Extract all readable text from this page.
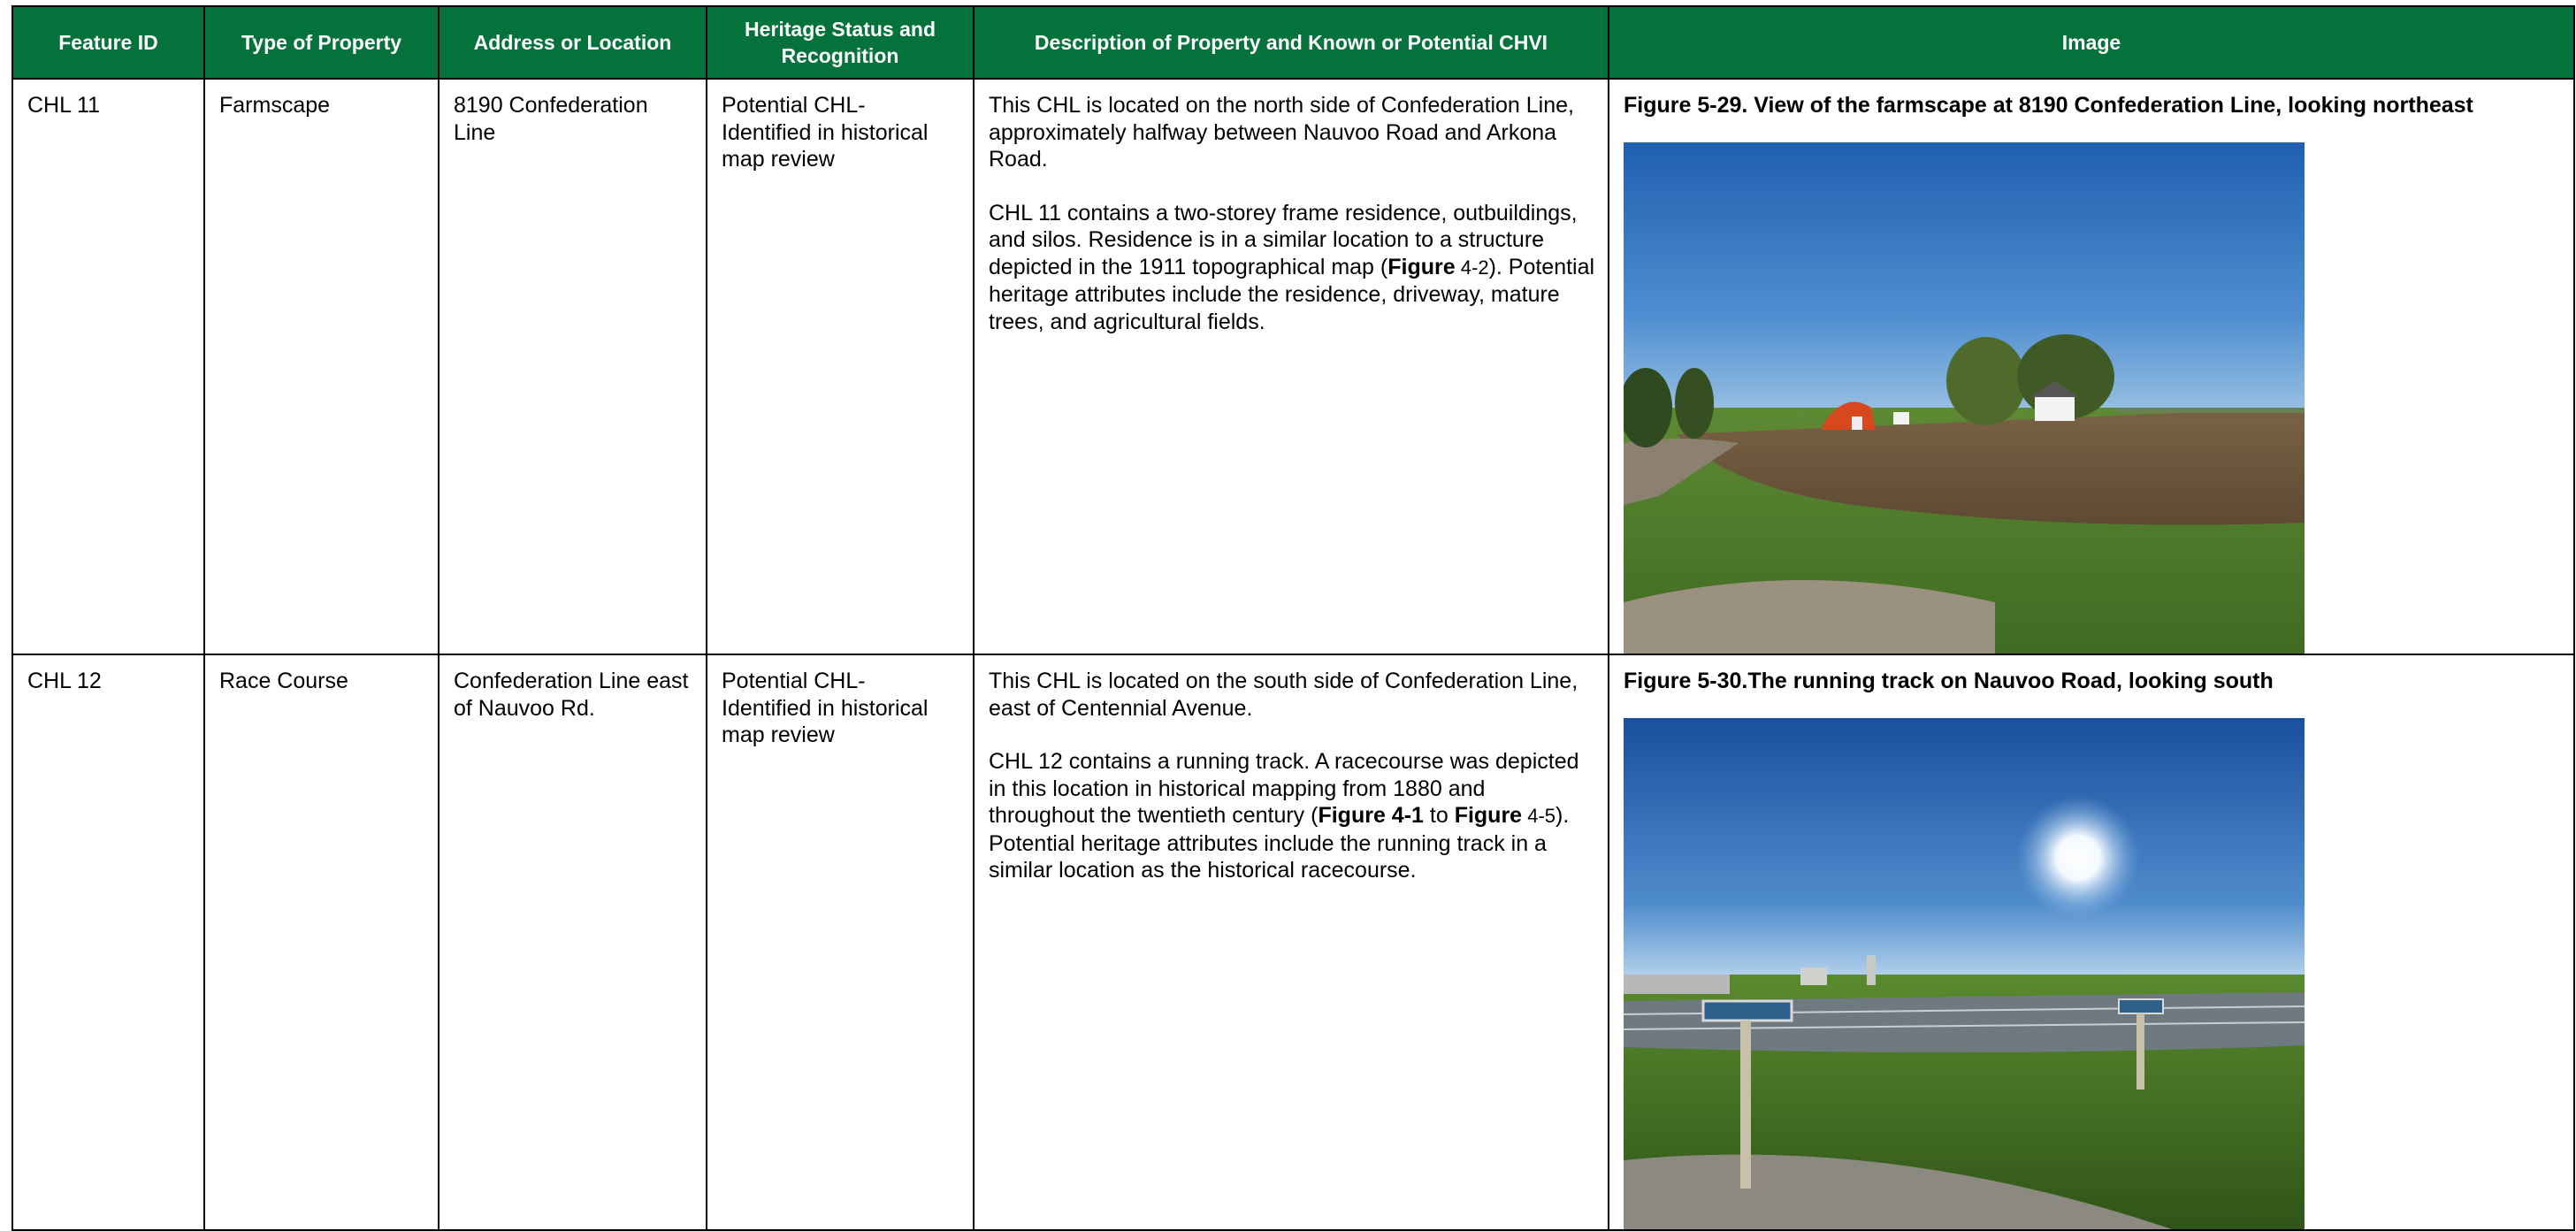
Feature ID	Type of Property	Address or Location	Heritage Status and Recognition	Description of Property and Known or Potential CHVI	Image
CHL 11	Farmscape	8190 Confederation Line	Potential CHL- Identified in historical map review	This CHL is located on the north side of Confederation Line, approximately halfway between Nauvoo Road and Arkona Road.

CHL 11 contains a two-storey frame residence, outbuildings, and silos. Residence is in a similar location to a structure depicted in the 1911 topographical map (Figure 4-2). Potential heritage attributes include the residence, driveway, mature trees, and agricultural fields.	Figure 5-29. View of the farmscape at 8190 Confederation Line, looking northeast

CHL 12	Race Course	Confederation Line east of Nauvoo Rd.	Potential CHL- Identified in historical map review	This CHL is located on the south side of Confederation Line, east of Centennial Avenue.

CHL 12 contains a running track. A racecourse was depicted in this location in historical mapping from 1880 and throughout the twentieth century (Figure 4-1 to Figure 4-5). Potential heritage attributes include the running track in a similar location as the historical racecourse.	Figure 5-30.The running track on Nauvoo Road, looking south
